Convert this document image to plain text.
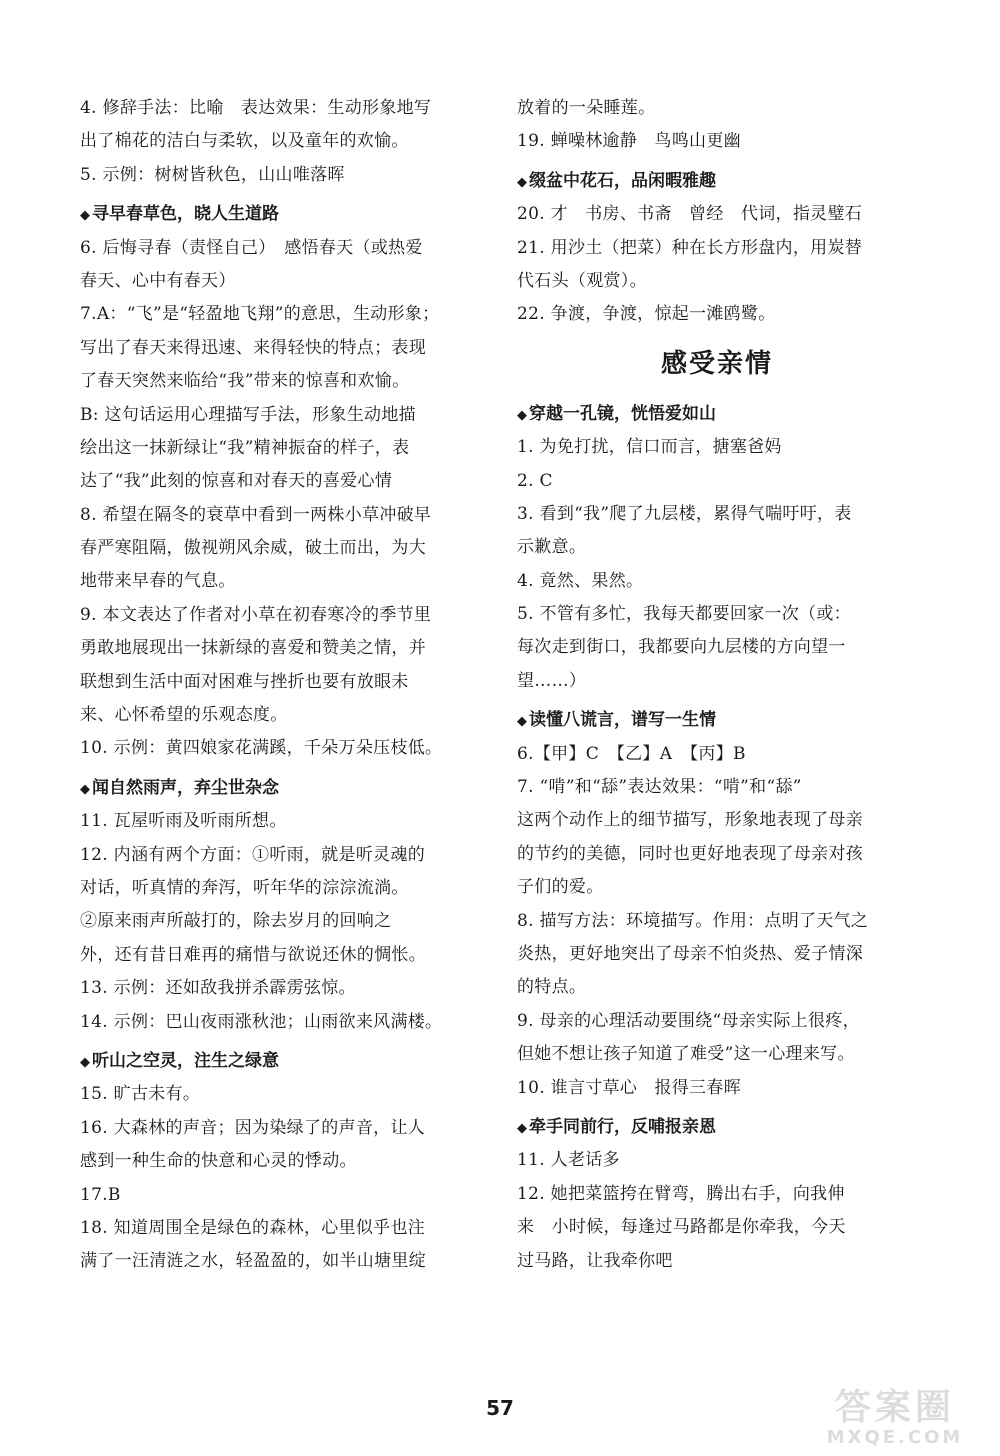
4. 修辞手法：比喻　表达效果：生动形象地写
出了棉花的洁白与柔软，以及童年的欢愉。
5. 示例：树树皆秋色，山山唯落晖
◆ 寻早春草色，晓人生道路
6. 后悔寻春（责怪自己）　感悟春天（或热爱
春天、心中有春天）
7.A：“飞”是“轻盈地飞翔”的意思，生动形象；
写出了春天来得迅速、来得轻快的特点；表现
了春天突然来临给“我”带来的惊喜和欢愉。
B: 这句话运用心理描写手法，形象生动地描
绘出这一抹新绿让“我”精神振奋的样子，表
达了“我”此刻的惊喜和对春天的喜爱心情
8. 希望在隔冬的衰草中看到一两株小草冲破早
春严寒阻隔，傲视朔风余威，破土而出，为大
地带来早春的气息。
9. 本文表达了作者对小草在初春寒冷的季节里
勇敢地展现出一抹新绿的喜爱和赞美之情，并
联想到生活中面对困难与挫折也要有放眼未
来、心怀希望的乐观态度。
10. 示例：黄四娘家花满蹊，千朵万朵压枝低。
◆ 闻自然雨声，弃尘世杂念
11. 瓦屋听雨及听雨所想。
12. 内涵有两个方面：①听雨，就是听灵魂的
对话，听真情的奔泻，听年华的淙淙流淌。
②原来雨声所敲打的，除去岁月的回响之
外，还有昔日难再的痛惜与欲说还休的惆怅。
13. 示例：还如敌我拼杀霹雳弦惊。
14. 示例：巴山夜雨涨秋池；山雨欲来风满楼。
◆ 听山之空灵，注生之绿意
15. 旷古未有。
16. 大森林的声音；因为染绿了的声音，让人
感到一种生命的快意和心灵的悸动。
17.B
18. 知道周围全是绿色的森林，心里似乎也注
满了一汪清涟之水，轻盈盈的，如半山塘里绽
放着的一朵睡莲。
19. 蝉噪林逾静　鸟鸣山更幽
◆ 缀盆中花石，品闲暇雅趣
20. 才　书房、书斋　曾经　代词，指灵璧石
21. 用沙土（把菜）种在长方形盘内，用炭替
代石头（观赏）。
22. 争渡，争渡，惊起一滩鸥鹭。
感受亲情
◆ 穿越一孔镜，恍悟爱如山
1. 为免打扰，信口而言，搪塞爸妈
2. C
3. 看到“我”爬了九层楼，累得气喘吁吁，表
示歉意。
4. 竟然、果然。
5. 不管有多忙，我每天都要回家一次（或：
每次走到街口，我都要向九层楼的方向望一
望……）
◆ 读懂八谎言，谱写一生情
6.【甲】C　【乙】A　【丙】B
7. “啃”和“舔”表达效果：“啃”和“舔”
这两个动作上的细节描写，形象地表现了母亲
的节约的美德，同时也更好地表现了母亲对孩
子们的爱。
8. 描写方法：环境描写。作用：点明了天气之
炎热，更好地突出了母亲不怕炎热、爱子情深
的特点。
9. 母亲的心理活动要围绕“母亲实际上很疼，
但她不想让孩子知道了难受”这一心理来写。
10. 谁言寸草心　报得三春晖
◆ 牵手同前行，反哺报亲恩
11. 人老话多
12. 她把菜篮挎在臂弯，腾出右手，向我伸
来　小时候，每逢过马路都是你牵我，今天
过马路，让我牵你吧
57	答案圈
MXQE.COM
